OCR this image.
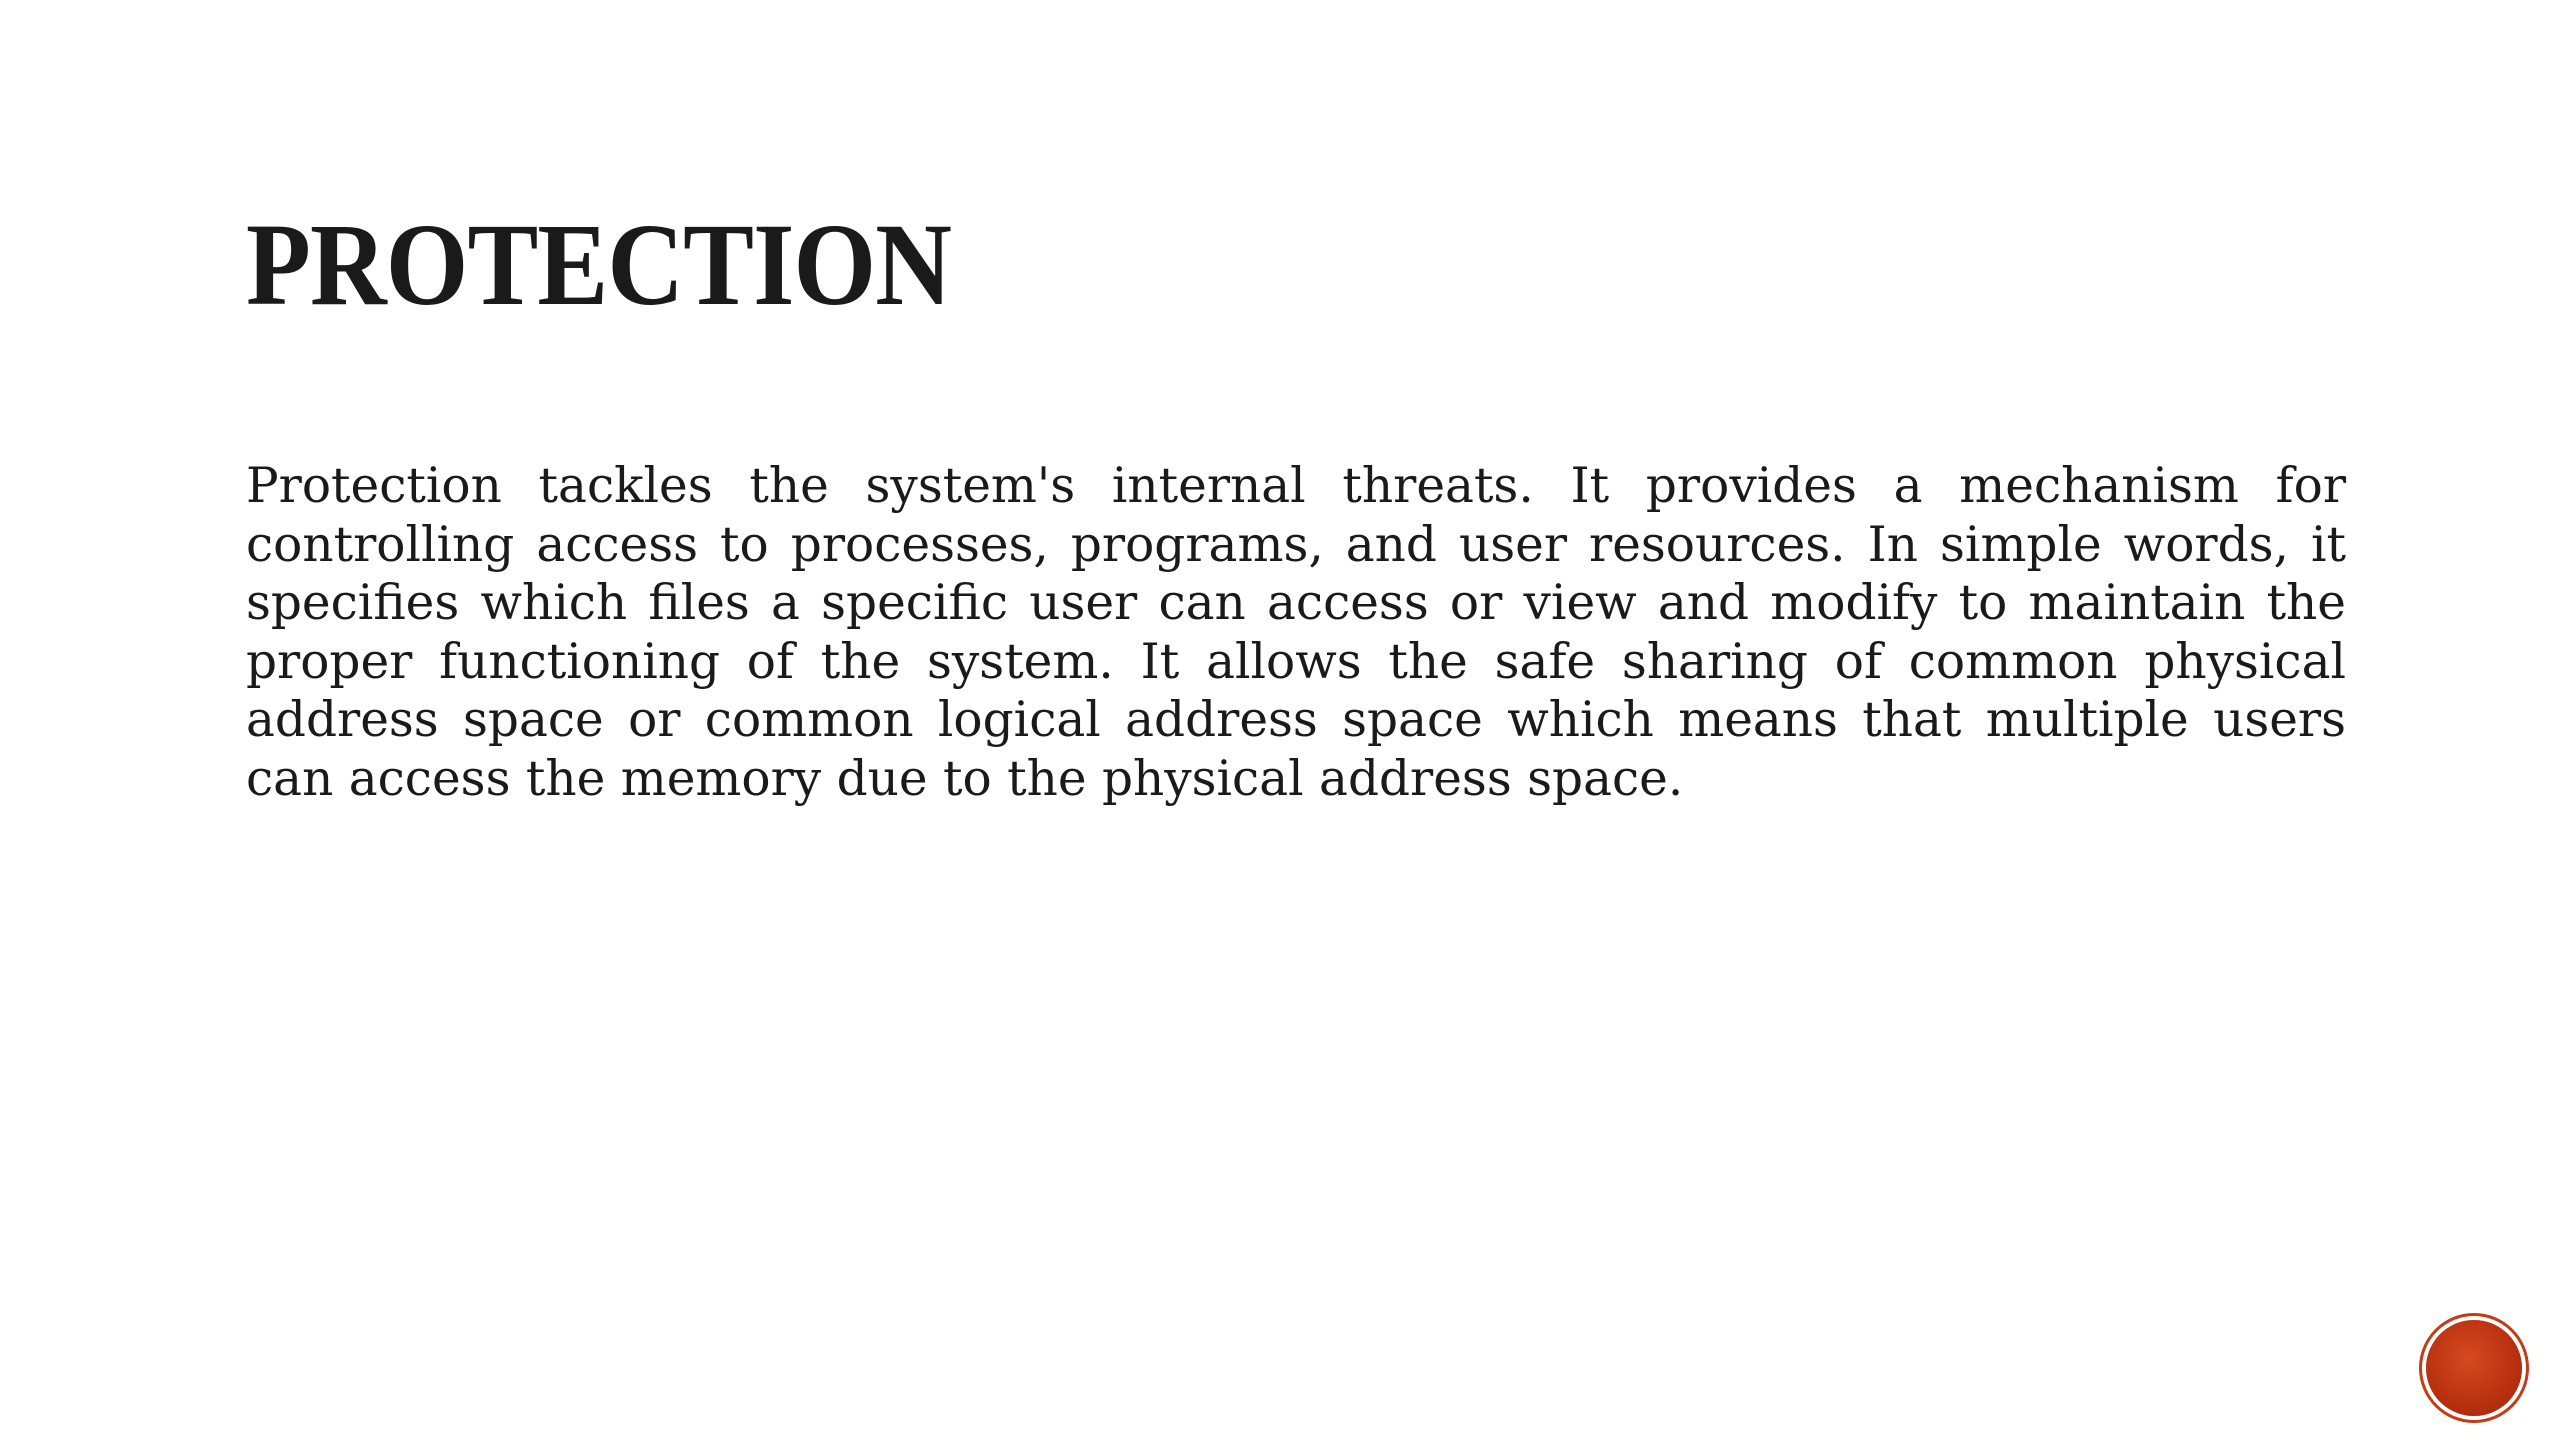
PROTECTION

Protection tackles the system's internal threats. It provides a mechanism for controlling access to processes, programs, and user resources. In simple words, it specifies which files a specific user can access or view and modify to maintain the proper functioning of the system. It allows the safe sharing of common physical address space or common logical address space which means that multiple users can access the memory due to the physical address space.
